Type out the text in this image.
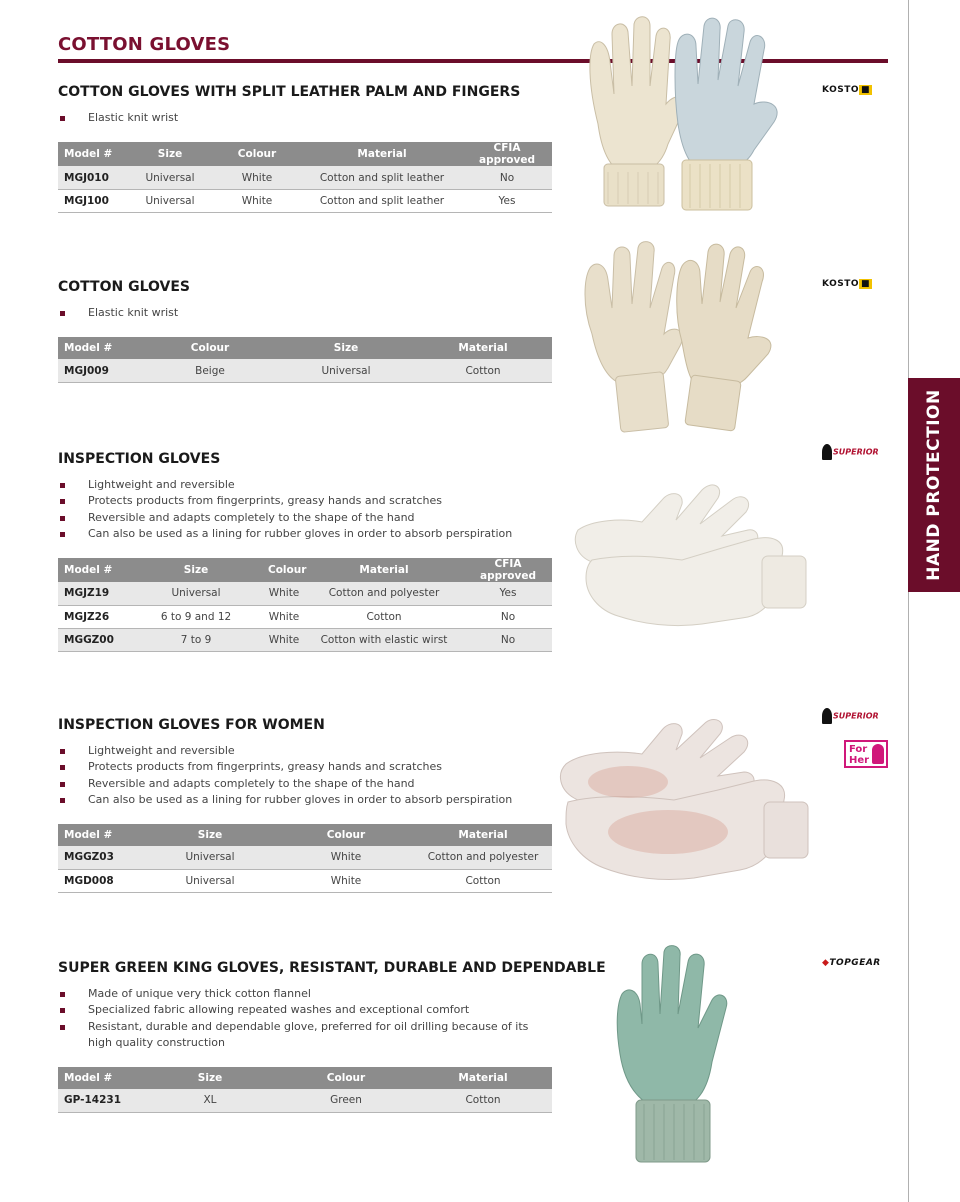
COTTON GLOVES
HAND PROTECTION
COTTON GLOVES WITH SPLIT LEATHER PALM AND FINGERS
Elastic knit wrist
Model #	Size	Colour	Material	CFIA approved
MGJ010	Universal	White	Cotton and split leather	No
MGJ100	Universal	White	Cotton and split leather	Yes
COTTON GLOVES
Elastic knit wrist
Model #	Colour	Size	Material
MGJ009	Beige	Universal	Cotton
INSPECTION GLOVES
Lightweight and reversible
Protects products from fingerprints, greasy hands and scratches
Reversible and adapts completely to the shape of the hand
Can also be used as a lining for rubber gloves in order to absorb perspiration
Model #	Size	Colour	Material	CFIA approved
MGJZ19	Universal	White	Cotton and polyester	Yes
MGJZ26	6 to 9 and 12	White	Cotton	No
MGGZ00	7 to 9	White	Cotton with elastic wirst	No
INSPECTION GLOVES FOR WOMEN
Lightweight and reversible
Protects products from fingerprints, greasy hands and scratches
Reversible and adapts completely to the shape of the hand
Can also be used as a lining for rubber gloves in order to absorb perspiration
Model #	Size	Colour	Material
MGGZ03	Universal	White	Cotton and polyester
MGD008	Universal	White	Cotton
SUPER GREEN KING GLOVES, RESISTANT, DURABLE AND DEPENDABLE
Made of unique very thick cotton flannel
Specialized fabric allowing repeated washes and exceptional comfort
Resistant, durable and dependable glove, preferred for oil drilling because of its high quality construction
Model #	Size	Colour	Material
GP-14231	XL	Green	Cotton
KOSTO ■
KOSTO ■
SUPERIOR
SUPERIOR
For Her
◆TOPGEAR
